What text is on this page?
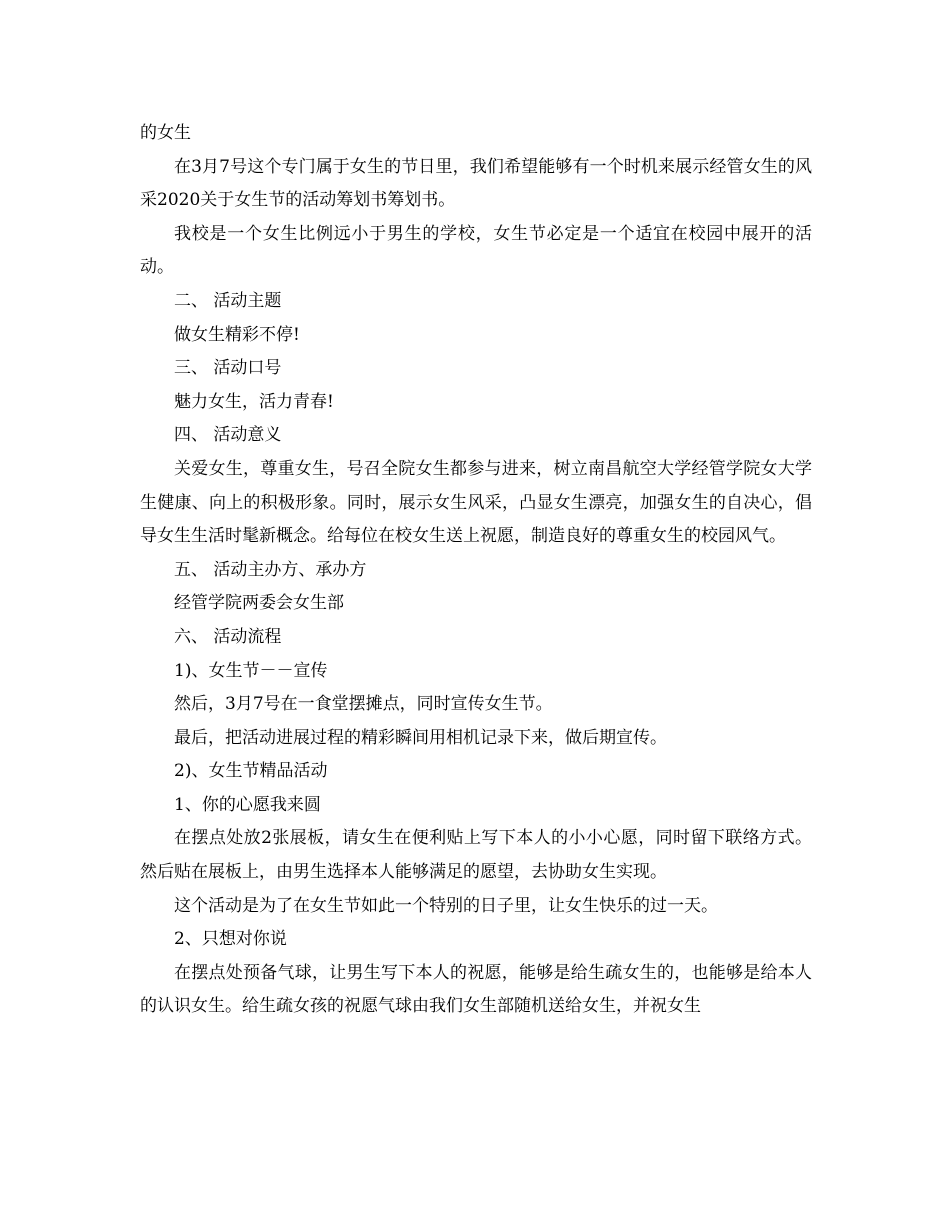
的女生

在3月7号这个专门属于女生的节日里，我们希望能够有一个时机来展示经管女生的风采2020关于女生节的活动筹划书筹划书。

我校是一个女生比例远小于男生的学校，女生节必定是一个适宜在校园中展开的活动。

二、 活动主题

做女生精彩不停!

三、 活动口号

魅力女生，活力青春!

四、 活动意义

关爱女生，尊重女生，号召全院女生都参与进来，树立南昌航空大学经管学院女大学生健康、向上的积极形象。同时，展示女生风采，凸显女生漂亮，加强女生的自决心，倡导女生生活时髦新概念。给每位在校女生送上祝愿，制造良好的尊重女生的校园风气。

五、 活动主办方、承办方

经管学院两委会女生部

六、 活动流程

1)、女生节－－宣传

然后，3月7号在一食堂摆摊点，同时宣传女生节。

最后，把活动进展过程的精彩瞬间用相机记录下来，做后期宣传。

2)、女生节精品活动

1、你的心愿我来圆

在摆点处放2张展板，请女生在便利贴上写下本人的小小心愿，同时留下联络方式。然后贴在展板上，由男生选择本人能够满足的愿望，去协助女生实现。

这个活动是为了在女生节如此一个特别的日子里，让女生快乐的过一天。

2、只想对你说

在摆点处预备气球，让男生写下本人的祝愿，能够是给生疏女生的，也能够是给本人的认识女生。给生疏女孩的祝愿气球由我们女生部随机送给女生，并祝女生
